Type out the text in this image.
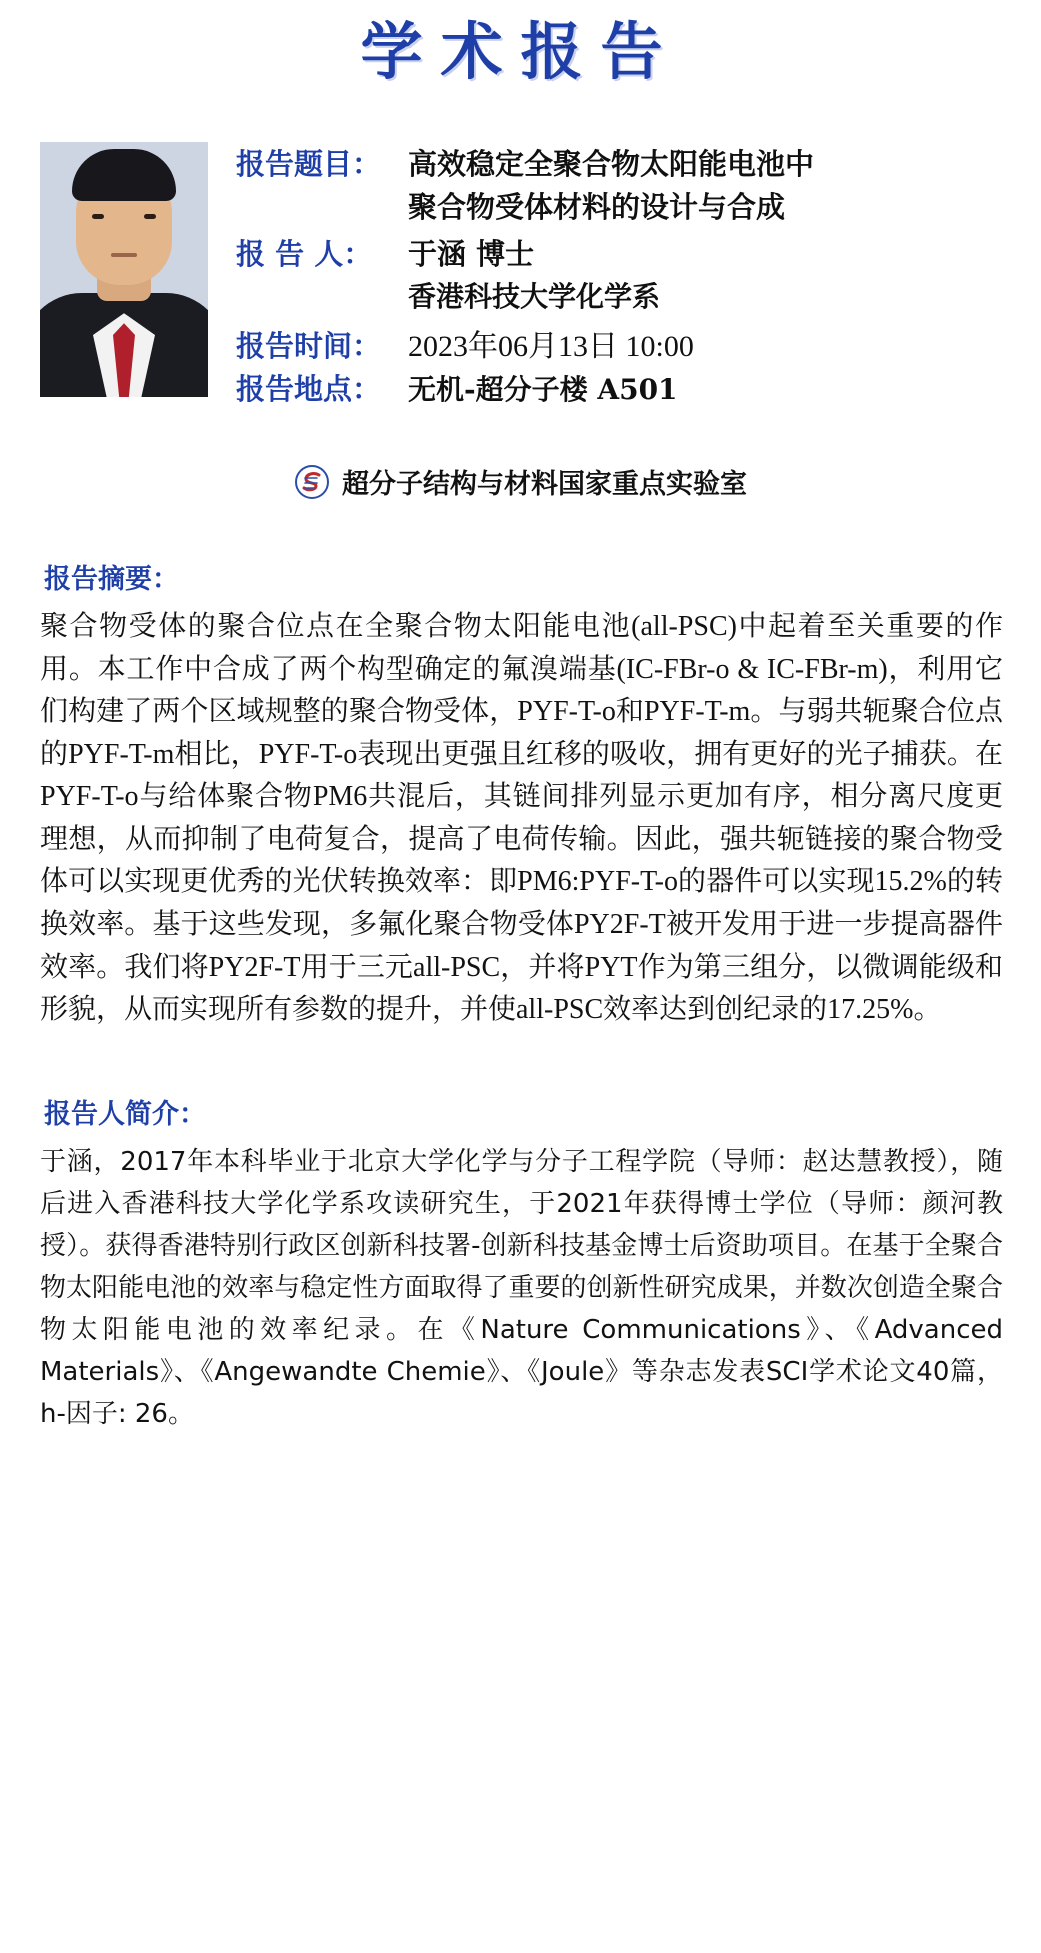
学术报告
报告题目： 高效稳定全聚合物太阳能电池中
聚合物受体材料的设计与合成
报 告 人：	于涵 博士
香港科技大学化学系
报告时间： 2023年06月13日 10:00
报告地点： 无机-超分子楼 A501
超分子结构与材料国家重点实验室
报告摘要：

聚合物受体的聚合位点在全聚合物太阳能电池(all-PSC)中起着至关重要的作用。本工作中合成了两个构型确定的氟溴端基(IC-FBr-o & IC-FBr-m)，利用它们构建了两个区域规整的聚合物受体，PYF-T-o和PYF-T-m。与弱共轭聚合位点的PYF-T-m相比，PYF-T-o表现出更强且红移的吸收，拥有更好的光子捕获。在PYF-T-o与给体聚合物PM6共混后，其链间排列显示更加有序，相分离尺度更理想，从而抑制了电荷复合，提高了电荷传输。因此，强共轭链接的聚合物受体可以实现更优秀的光伏转换效率：即PM6:PYF-T-o的器件可以实现15.2%的转换效率。基于这些发现，多氟化聚合物受体PY2F-T被开发用于进一步提高器件效率。我们将PY2F-T用于三元all-PSC，并将PYT作为第三组分，以微调能级和形貌，从而实现所有参数的提升，并使all-PSC效率达到创纪录的17.25%。

报告人简介：

于涵，2017年本科毕业于北京大学化学与分子工程学院（导师：赵达慧教授），随后进入香港科技大学化学系攻读研究生，于2021年获得博士学位（导师：颜河教授）。获得香港特别行政区创新科技署-创新科技基金博士后资助项目。在基于全聚合物太阳能电池的效率与稳定性方面取得了重要的创新性研究成果，并数次创造全聚合物太阳能电池的效率纪录。在《Nature Communications》、《Advanced Materials》、《Angewandte Chemie》、《Joule》等杂志发表SCI学术论文40篇，h-因子: 26。
